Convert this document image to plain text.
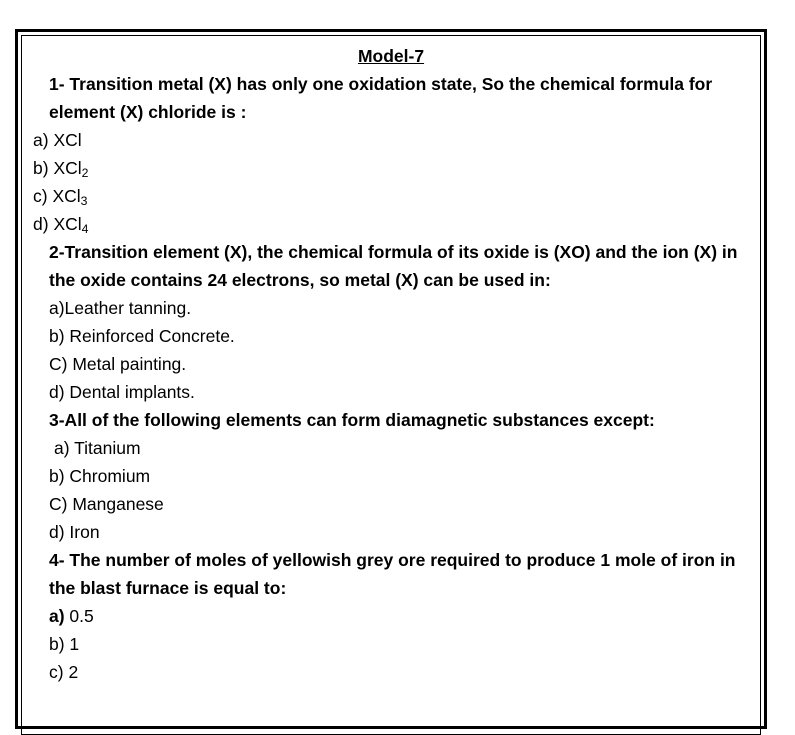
Model-7
1- Transition metal (X) has only one oxidation state, So the chemical formula for
element (X) chloride is :
a) XCl
b) XCl$_2$
c) XCl$_3$
d) XCl$_4$
2-Transition element (X), the chemical formula of its oxide is (XO) and the ion (X) in
the oxide contains 24 electrons, so metal (X) can be used in:
a)Leather tanning.
b) Reinforced Concrete.
C) Metal painting.
d) Dental implants.
3-All of the following elements can form diamagnetic substances except:
a) Titanium
b) Chromium
C) Manganese
d) Iron
4- The number of moles of yellowish grey ore required to produce 1 mole of iron in
the blast furnace is equal to:
a) 0.5
b) 1
c) 2
